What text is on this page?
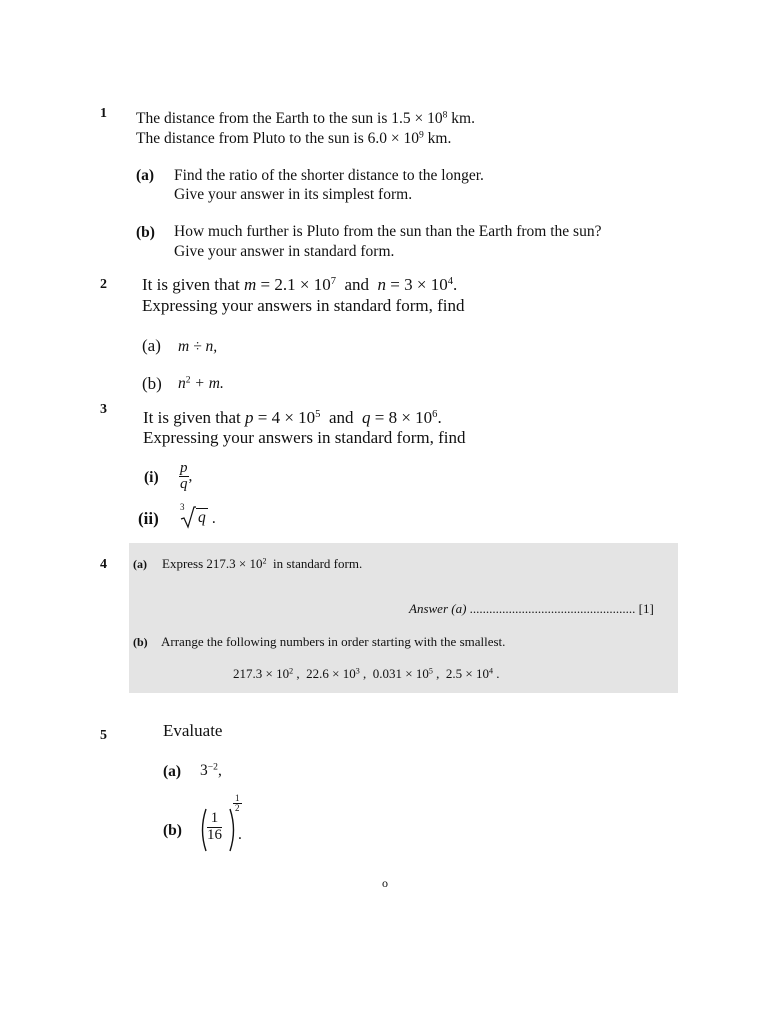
1 The distance from the Earth to the sun is $1.5 \times 10^8$ km.
The distance from Pluto to the sun is $6.0 \times 10^9$ km.
(a) Find the ratio of the shorter distance to the longer.
Give your answer in its simplest form.
(b) How much further is Pluto from the sun than the Earth from the sun?
Give your answer in standard form.
2 It is given that $m = 2.1 \times 10^7$  and  $n = 3 \times 10^4$.
Expressing your answers in standard form, find
(a) m ÷ n,
(b) $n^2 + m$.
3 It is given that $p = 4 \times 10^5$  and  $q = 8 \times 10^6$.
Expressing your answers in standard form, find
$(i) \frac{p}{q}$ ,
(ii)
3
q .
4 (a) Express $217.3 \times 10^2$  in standard form.
Answer (a) ................................................... [1]
(b) Arrange the following numbers in order starting with the smallest.
$217.3 \times 10^2$ ,  $22.6 \times 10^3$ ,  $0.031 \times 10^5$ ,  $2.5 \times 10^4$ .
5	Evaluate
(a) $3^{-2}$,
$(b) \frac{1}{16}$
$\frac{1}{2}$
.
o
